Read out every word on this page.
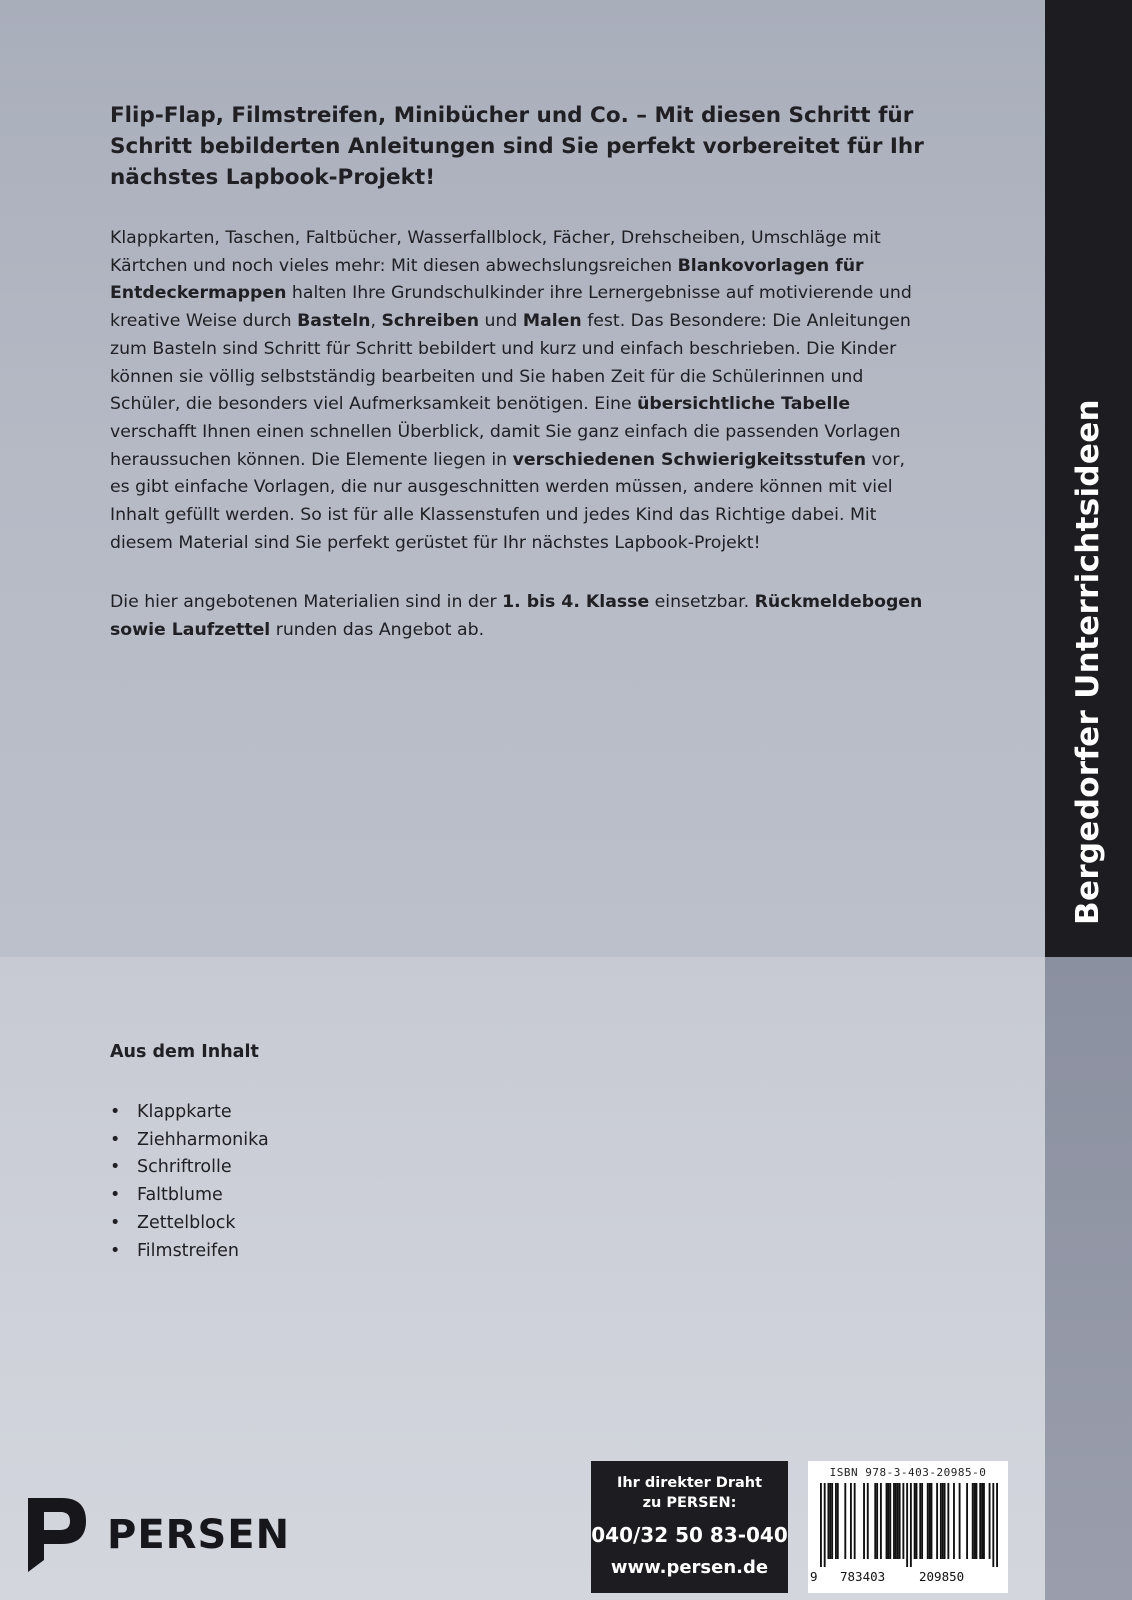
Bergedorfer Unterrichtsideen

Flip-Flap, Filmstreifen, Minibücher und Co. – Mit diesen Schritt für Schritt bebilderten Anleitungen sind Sie perfekt vorbereitet für Ihr nächstes Lapbook-Projekt!

Klappkarten, Taschen, Faltbücher, Wasserfallblock, Fächer, Drehscheiben, Umschläge mit Kärtchen und noch vieles mehr: Mit diesen abwechslungsreichen Blankovorlagen für Entdeckermappen halten Ihre Grundschulkinder ihre Lernergebnisse auf motivierende und kreative Weise durch Basteln, Schreiben und Malen fest. Das Besondere: Die Anleitungen zum Basteln sind Schritt für Schritt bebildert und kurz und einfach beschrieben. Die Kinder können sie völlig selbstständig bearbeiten und Sie haben Zeit für die Schülerinnen und Schüler, die besonders viel Aufmerksamkeit benötigen. Eine übersichtliche Tabelle verschafft Ihnen einen schnellen Überblick, damit Sie ganz einfach die passenden Vorlagen heraussuchen können. Die Elemente liegen in verschiedenen Schwierigkeitsstufen vor, es gibt einfache Vorlagen, die nur ausgeschnitten werden müssen, andere können mit viel Inhalt gefüllt werden. So ist für alle Klassenstufen und jedes Kind das Richtige dabei. Mit diesem Material sind Sie perfekt gerüstet für Ihr nächstes Lapbook-Projekt!

Die hier angebotenen Materialien sind in der 1. bis 4. Klasse einsetzbar. Rückmeldebogen sowie Laufzettel runden das Angebot ab.

Aus dem Inhalt
• Klappkarte
• Ziehharmonika
• Schriftrolle
• Faltblume
• Zettelblock
• Filmstreifen
PERSEN
Ihr direkter Draht
zu PERSEN:
040/32 50 83-040
www.persen.de
ISBN 978-3-403-20985-0
9 783403	209850
